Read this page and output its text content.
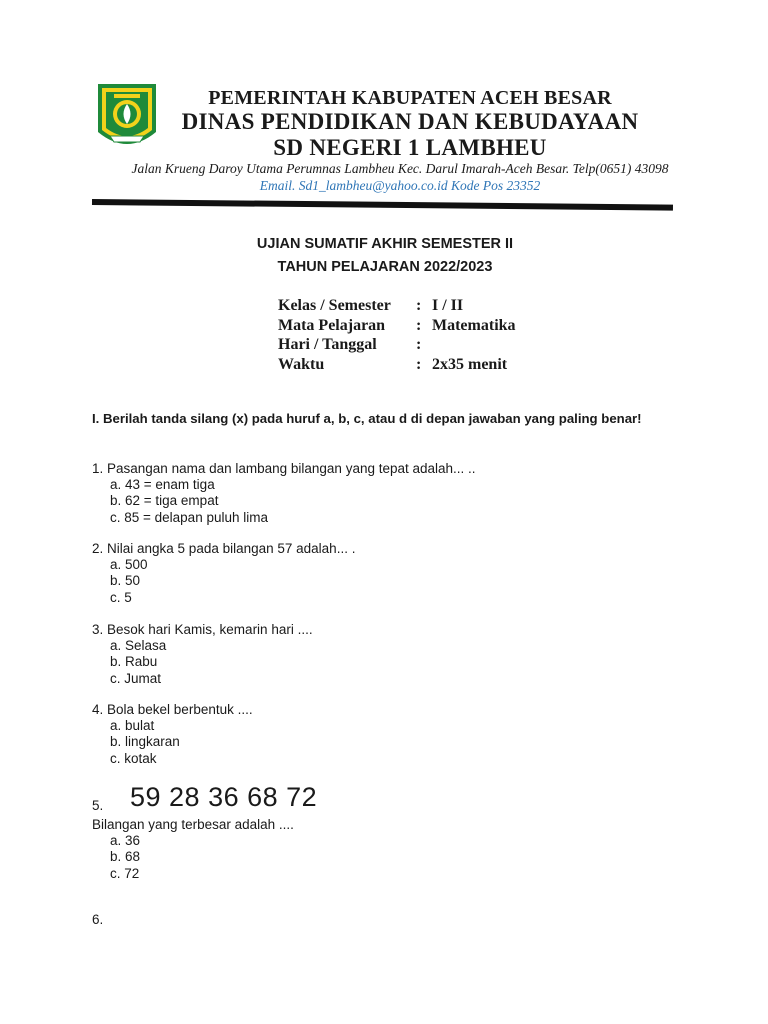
PEMERINTAH KABUPATEN ACEH BESAR
DINAS PENDIDIKAN DAN KEBUDAYAAN
SD NEGERI 1 LAMBHEU
Jalan Krueng Daroy Utama Perumnas Lambheu Kec. Darul Imarah-Aceh Besar. Telp(0651) 43098
Email. Sd1_lambheu@yahoo.co.id Kode Pos 23352
UJIAN SUMATIF AKHIR SEMESTER II
TAHUN PELAJARAN 2022/2023
Kelas / Semester : I / II
Mata Pelajaran : Matematika
Hari / Tanggal :
Waktu	: 2x35 menit
I. Berilah tanda silang (x) pada huruf a, b, c, atau d di depan jawaban yang paling benar!
1. Pasangan nama dan lambang bilangan yang tepat adalah... ..
a. 43 = enam tiga
b. 62 = tiga empat
c. 85 = delapan puluh lima
2. Nilai angka 5 pada bilangan 57 adalah... .
a. 500
b. 50
c. 5
3. Besok hari Kamis, kemarin hari ....
a. Selasa
b. Rabu
c. Jumat
4. Bola bekel berbentuk ....
a. bulat
b. lingkaran
c. kotak
5. 59 28 36 68 72
Bilangan yang terbesar adalah ....
a. 36
b. 68
c. 72
6.
